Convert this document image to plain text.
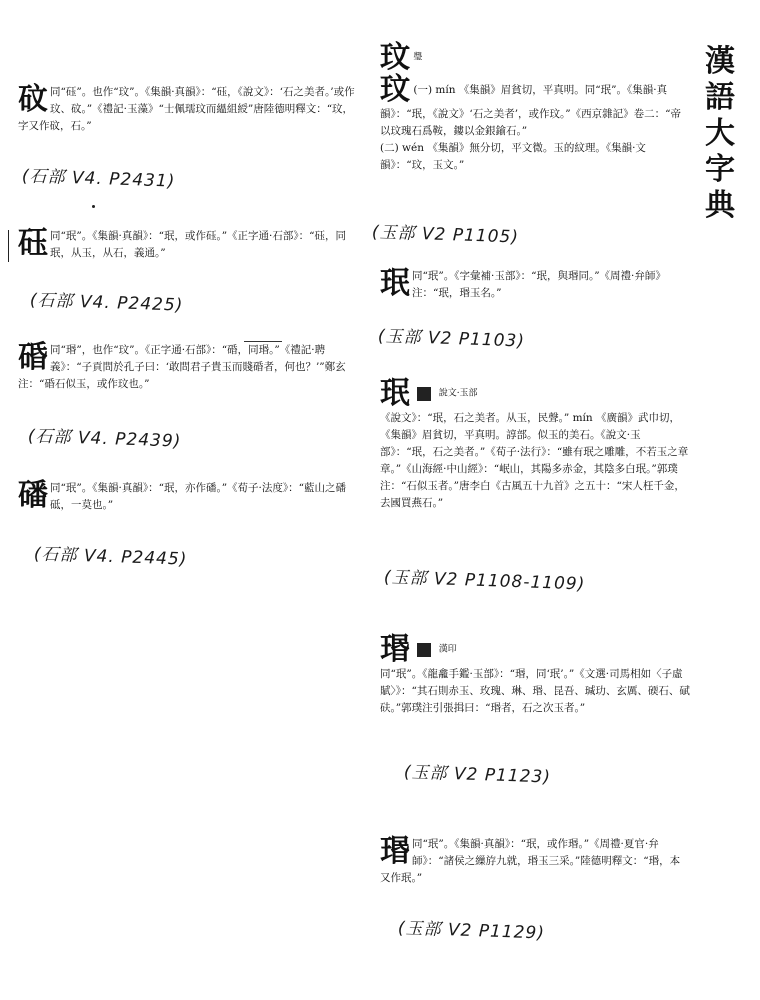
漢語大字典
砇 同“砡”。也作“玟”。《集韻·真韻》：“砡，《說文》：‘石之美者。’或作玟、砇。”《禮記·玉藻》“士佩瓀玟而縕組綬”唐陸德明釋文：“玟，字又作砇，石。”
(石部 V4. P2431)
砡 同“珉”。《集韻·真韻》：“珉，或作砡。”《正字通·石部》：“砡，同珉，从玉，从石，義通。”
(石部 V4. P2425)
碈 同“瑉”，也作“玟”。《正字通·石部》：“碈，同瑉。”《禮記·聘義》：“子貢問於孔子曰：‘敢問君子貴玉而賤碈者，何也？’”鄭玄注：“碈石似玉，或作玟也。”
(石部 V4. P2439)
磻 同“珉”。《集韻·真韻》：“珉，亦作磻。”《荀子·法度》：“藍山之磻砥，一莫也。”
(石部 V4. P2445)
玟 璺
玟 (一) mín 《集韻》眉貧切，平真明。同“珉”。《集韻·真韻》：“珉，《說文》‘石之美者’，或作玟。”《西京雜記》卷二：“帝以玟瑰石爲鞍，鏤以金銀鍮石。”
(二) wén 《集韻》無分切，平文微。玉的紋理。《集韻·文韻》：“玟，玉文。”
(玉部 V2 P1105)
珉 同“珉”。《字彙補·玉部》：“珉，與瑉同。”《周禮·弁師》注：“珉，瑉玉名。”
(玉部 V2 P1103)
珉	說文·玉部
《說文》：“珉，石之美者。从玉，民聲。” mín 《廣韻》武巾切，《集韻》眉貧切，平真明。諄部。似玉的美石。《說文·玉部》：“珉，石之美者。”《荀子·法行》：“雖有珉之雕雕，不若玉之章章。”《山海經·中山經》：“岷山，其陽多赤金，其陰多白珉。”郭璞注：“石似玉者。”唐李白《古風五十九首》之五十：“宋人枉千金，去國買燕石。”
(玉部 V2 P1108-1109)
瑉	漢印
同“珉”。《龍龕手鑑·玉部》：“瑉，同‘珉’。”《文選·司馬相如〈子虛賦〉》：“其石則赤玉、玫瑰、琳、瑉、昆吾、瑊玏、玄厲、碝石、碔砆。”郭璞注引張揖曰：“瑉者，石之次玉者。”
(玉部 V2 P1123)
瑉 同“珉”。《集韻·真韻》：“珉，或作瑉。”《周禮·夏官·弁師》：“諸侯之繅斿九就，瑉玉三采。”陸德明釋文：“瑉，本又作珉。”
(玉部 V2 P1129)
